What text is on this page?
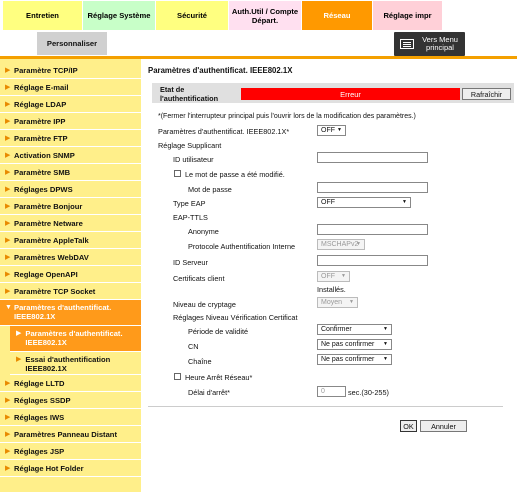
Entretien	Réglage Système	Sécurité	Auth.Util / Compte Départ.	Réseau	Réglage impr
Personnaliser	Vers Menu principal
▶ Paramètre TCP/IP
▶ Réglage E-mail
▶ Réglage LDAP
▶ Paramètre IPP
▶ Paramètre FTP
▶ Activation SNMP
▶ Paramètre SMB
▶ Réglages DPWS
▶ Paramètre Bonjour
▶ Paramètre Netware
▶ Paramètre AppleTalk
▶ Paramètres WebDAV
▶ Reglage OpenAPI
▶ Paramètre TCP Socket
▼ Paramètres d'authentificat. IEEE802.1X
▶ Paramètres d'authentificat. IEEE802.1X
▶ Essai d'authentification IEEE802.1X
▶ Réglage LLTD
▶ Réglages SSDP
▶ Réglages IWS
▶ Paramètres Panneau Distant
▶ Réglages JSP
▶ Réglage Hot Folder
Paramètres d'authentificat. IEEE802.1X
Etat de l'authentification	Erreur	Rafraîchir
*(Fermer l'interrupteur principal puis l'ouvrir lors de la modification des paramètres.)
Paramètres d'authentificat. IEEE802.1X*	OFF ▼
Réglage Supplicant
ID utilisateur
Le mot de passe a été modifié.
Mot de passe
Type EAP	OFF ▼
EAP-TTLS
Anonyme
Protocole Authentification Interne	MSCHAPv2 ▼
ID Serveur
Certificats client	OFF ▼
Installés.
Niveau de cryptage	Moyen ▼
Réglages Niveau Vérification Certificat
Période de validité	Confirmer ▼
CN	Ne pas confirmer ▼
Chaîne	Ne pas confirmer ▼
Heure Arrêt Réseau*
Délai d'arrêt*	0	sec.(30-255)
OK	Annuler
